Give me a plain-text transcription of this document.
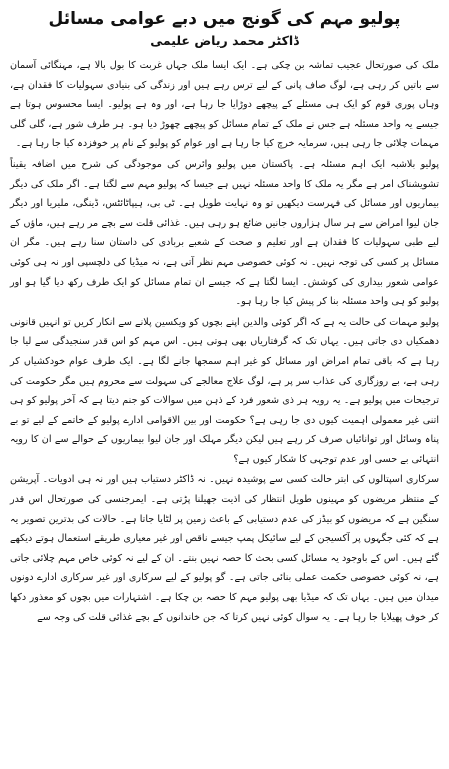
پولیو مہم کی گونج میں دبے عوامی مسائل
ڈاکٹر محمد ریاض علیمی

ملک کی صورتحال عجیب تماشہ بن چکی ہے۔ ایک ایسا ملک جہاں غربت کا بول بالا ہے، مہنگائی آسمان سے باتیں کر رہی ہے، لوگ صاف پانی کے لیے ترس رہے ہیں اور زندگی کی بنیادی سہولیات کا فقدان ہے، وہاں پوری قوم کو ایک ہی مسئلے کے پیچھے دوڑایا جا رہا ہے، اور وہ ہے پولیو۔ ایسا محسوس ہوتا ہے جیسے یہ واحد مسئلہ ہے جس نے ملک کے تمام مسائل کو پیچھے چھوڑ دیا ہو۔ ہر طرف شور ہے، گلی گلی مہمات چلائی جا رہی ہیں، سرمایہ خرچ کیا جا رہا ہے اور عوام کو پولیو کے نام پر خوفزدہ کیا جا رہا ہے۔

پولیو بلاشبہ ایک اہم مسئلہ ہے۔ پاکستان میں پولیو وائرس کی موجودگی کی شرح میں اضافہ یقیناً تشویشناک امر ہے مگر یہ ملک کا واحد مسئلہ نہیں ہے جیسا کہ پولیو مہم سے لگتا ہے۔ اگر ملک کی دیگر بیماریوں اور مسائل کی فہرست دیکھیں تو وہ نہایت طویل ہے۔ ٹی بی، ہیپاٹائٹس، ڈینگی، ملیریا اور دیگر جان لیوا امراض سے ہر سال ہزاروں جانیں ضائع ہو رہی ہیں۔ غذائی قلت سے بچے مر رہے ہیں، ماؤں کے لیے طبی سہولیات کا فقدان ہے اور تعلیم و صحت کے شعبے بربادی کی داستان سنا رہے ہیں۔ مگر ان مسائل پر کسی کی توجہ نہیں۔ نہ کوئی خصوصی مہم نظر آتی ہے، نہ میڈیا کی دلچسپی اور نہ ہی کوئی عوامی شعور بیداری کی کوشش۔ ایسا لگتا ہے کہ جیسے ان تمام مسائل کو ایک طرف رکھ دیا گیا ہو اور پولیو کو ہی واحد مسئلہ بنا کر پیش کیا جا رہا ہو۔

پولیو مہمات کی حالت یہ ہے کہ اگر کوئی والدین اپنے بچوں کو ویکسین پلانے سے انکار کریں تو انہیں قانونی دھمکیاں دی جاتی ہیں۔ یہاں تک کہ گرفتاریاں بھی ہوتی ہیں۔ اس مہم کو اس قدر سنجیدگی سے لیا جا رہا ہے کہ باقی تمام امراض اور مسائل کو غیر اہم سمجھا جانے لگا ہے۔ ایک طرف عوام خودکشیاں کر رہی ہے، بے روزگاری کی عذاب سر پر ہے، لوگ علاج معالجے کی سہولت سے محروم ہیں مگر حکومت کی ترجیحات میں پولیو ہے۔ یہ رویہ ہر ذی شعور فرد کے ذہن میں سوالات کو جنم دیتا ہے کہ آخر پولیو کو ہی اتنی غیر معمولی اہمیت کیوں دی جا رہی ہے؟ حکومت اور بین الاقوامی ادارے پولیو کے خاتمے کے لیے تو بے پناہ وسائل اور توانائیاں صرف کر رہے ہیں لیکن دیگر مہلک اور جان لیوا بیماریوں کے حوالے سے ان کا رویہ انتہائی بے حسی اور عدم توجہی کا شکار کیوں ہے؟

سرکاری اسپتالوں کی ابتر حالت کسی سے پوشیدہ نہیں۔ نہ ڈاکٹر دستیاب ہیں اور نہ ہی ادویات۔ آپریشن کے منتظر مریضوں کو مہینوں طویل انتظار کی اذیت جھیلنا پڑتی ہے۔ ایمرجنسی کی صورتحال اس قدر سنگین ہے کہ مریضوں کو بیڈز کی عدم دستیابی کے باعث زمین پر لٹایا جاتا ہے۔ حالات کی بدترین تصویر یہ ہے کہ کئی جگہوں پر آکسیجن کے لیے سائیکل پمپ جیسے ناقص اور غیر معیاری طریقے استعمال ہوتے دیکھے گئے ہیں۔ اس کے باوجود یہ مسائل کسی بحث کا حصہ نہیں بنتے۔ ان کے لیے نہ کوئی خاص مہم چلائی جاتی ہے، نہ کوئی خصوصی حکمت عملی بنائی جاتی ہے۔ گو پولیو کے لیے سرکاری اور غیر سرکاری ادارے دونوں میدان میں ہیں۔ یہاں تک کہ میڈیا بھی پولیو مہم کا حصہ بن چکا ہے۔ اشتہارات میں بچوں کو معذور دکھا کر خوف پھیلایا جا رہا ہے۔ یہ سوال کوئی نہیں کرتا کہ جن خاندانوں کے بچے غذائی قلت کی وجہ سے
